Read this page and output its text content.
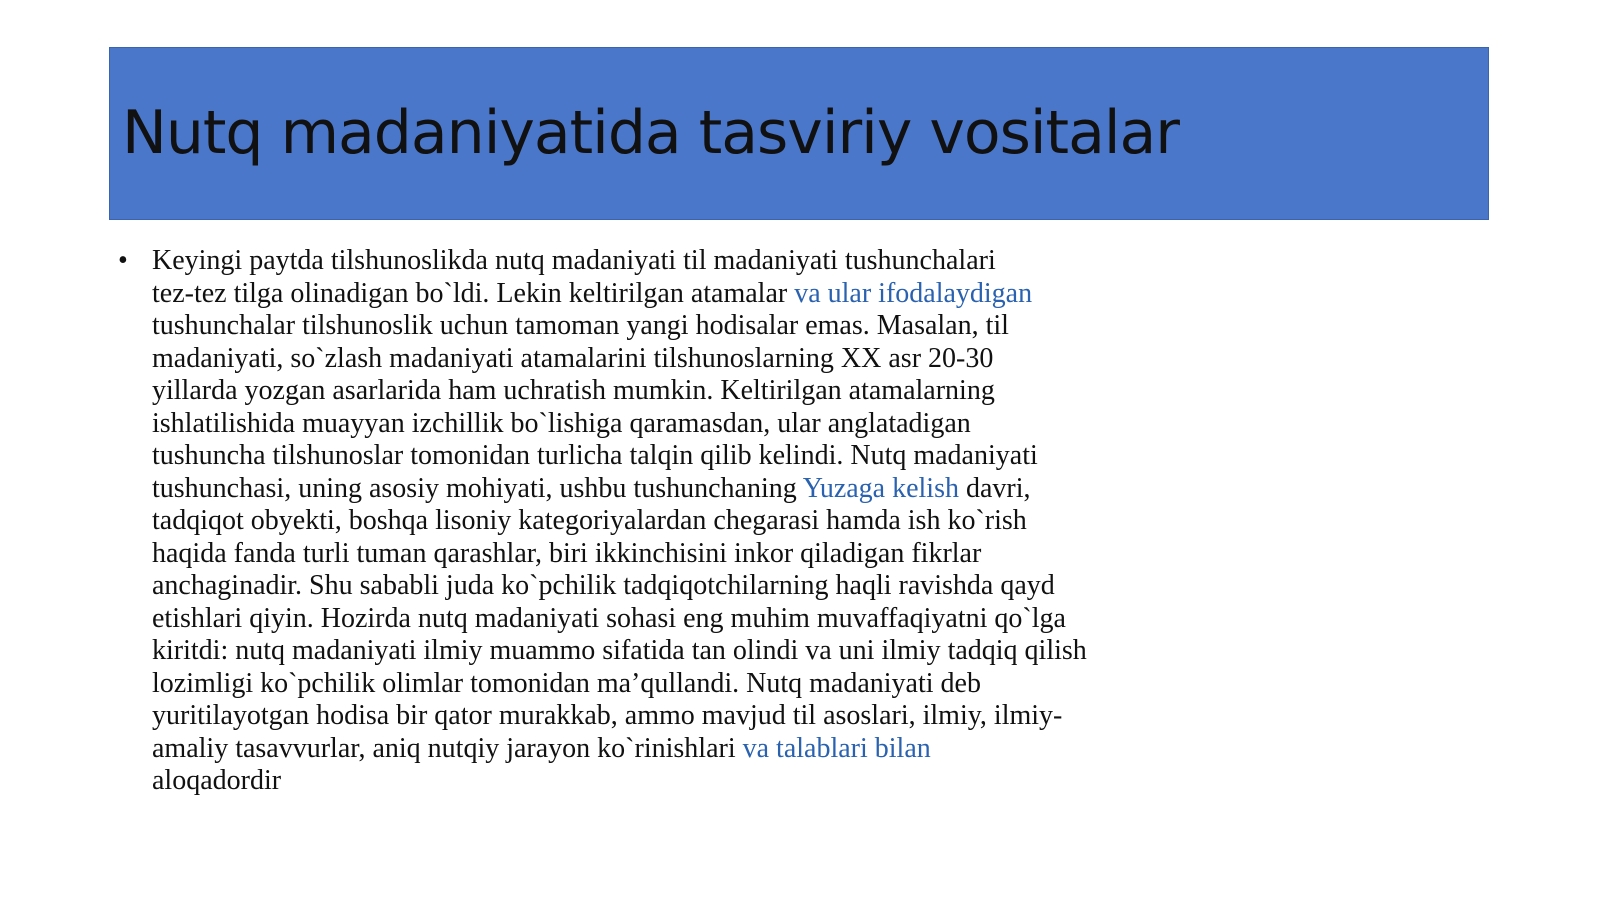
Nutq madaniyatida tasviriy vositalar
• Keyingi paytda tilshunoslikda nutq madaniyati til madaniyati tushunchalari
tez-tez tilga olinadigan bo`ldi. Lekin keltirilgan atamalar va ular ifodalaydigan
tushunchalar tilshunoslik uchun tamoman yangi hodisalar emas. Masalan, til
madaniyati, so`zlash madaniyati atamalarini tilshunoslarning XX asr 20-30
yillarda yozgan asarlarida ham uchratish mumkin. Keltirilgan atamalarning
ishlatilishida muayyan izchillik bo`lishiga qaramasdan, ular anglatadigan
tushuncha tilshunoslar tomonidan turlicha talqin qilib kelindi. Nutq madaniyati
tushunchasi, uning asosiy mohiyati, ushbu tushunchaning Yuzaga kelish davri,
tadqiqot obyekti, boshqa lisoniy kategoriyalardan chegarasi hamda ish ko`rish
haqida fanda turli tuman qarashlar, biri ikkinchisini inkor qiladigan fikrlar
anchaginadir. Shu sababli juda ko`pchilik tadqiqotchilarning haqli ravishda qayd
etishlari qiyin. Hozirda nutq madaniyati sohasi eng muhim muvaffaqiyatni qo`lga
kiritdi: nutq madaniyati ilmiy muammo sifatida tan olindi va uni ilmiy tadqiq qilish
lozimligi ko`pchilik olimlar tomonidan ma’qullandi. Nutq madaniyati deb
yuritilayotgan hodisa bir qator murakkab, ammo mavjud til asoslari, ilmiy, ilmiy-
amaliy tasavvurlar, aniq nutqiy jarayon ko`rinishlari va talablari bilan
aloqadordir
